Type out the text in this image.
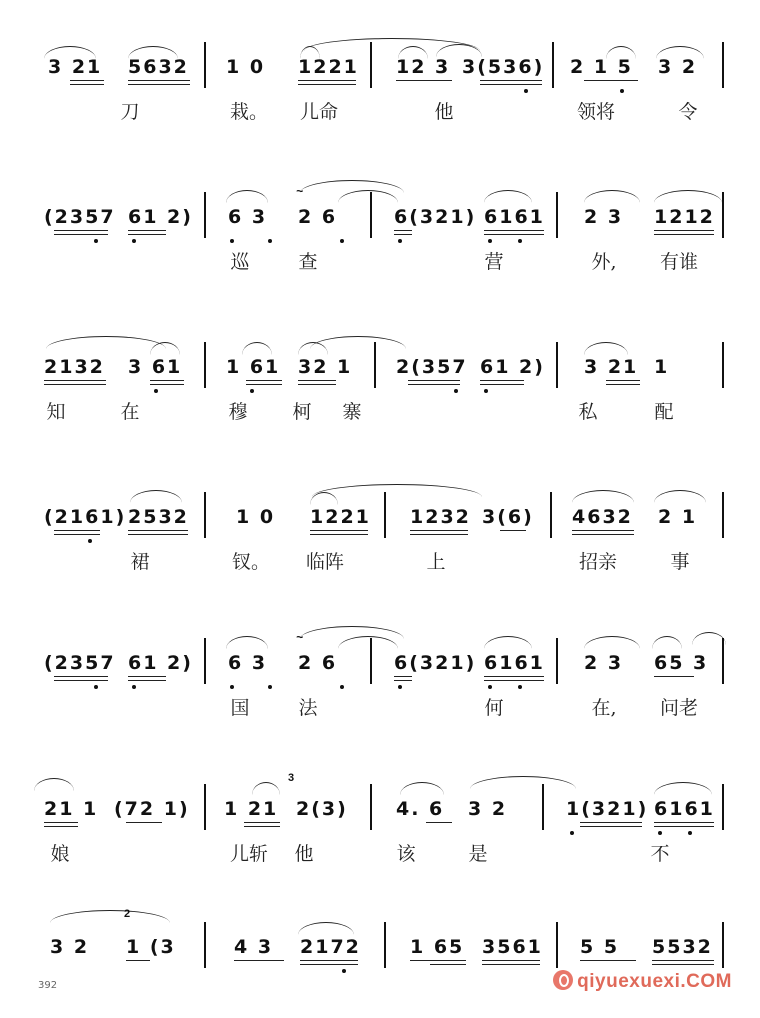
3 21 5632 1 0 1221 12 3 3(536) 2 1 5 3 2
刀	栽。 儿命	他	领将	令
~
(2357 61 2) 6 3 2 6	6(321) 6161 2 3 1212
巡	查	营	外,	有谁
2132 3 61 1 61 32 1 2(357 61 2) 3 21 1
知	在	穆 柯 寨	私	配
(2161) 2532 1 0 1221 1232 3(6) 4632 2 1
裙	钗。 临阵	上	招亲	事
~
(2357 61 2) 6 3 2 6	6(321) 6161 2 3 65 3
国	法	何	在,	问老
3
21 1 (72 1) 1 21 2(3)	4. 6 3 2	1(321) 6161
娘	儿斩 他	该	是	不
2
3 2 1 (3	4 3 2172	1 65 3561 5 5 5532
392	qiyuexuexi.COM
